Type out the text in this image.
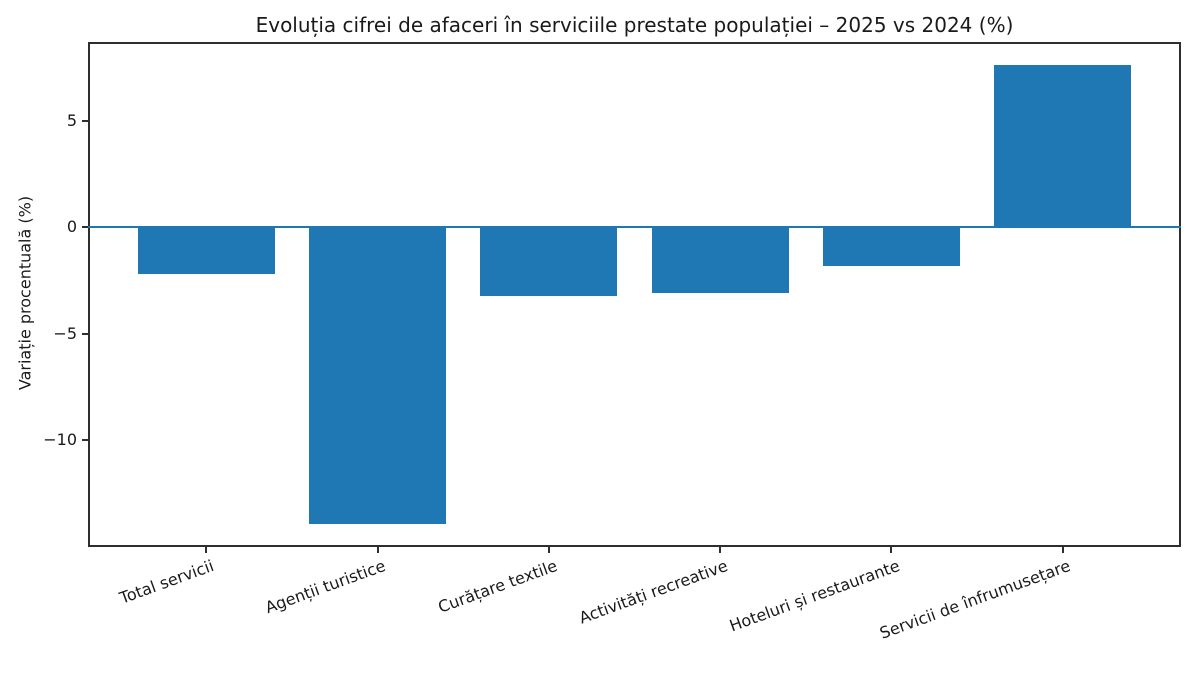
Evoluția cifrei de afaceri în serviciile prestate populației – 2025 vs 2024 (%)
Variație procentuală (%)
5
0
−5
−10
Total servicii	Agenții turistice	Curățare textile Activități recreative
Hoteluri și restaurante
Servicii de înfrumusețare
